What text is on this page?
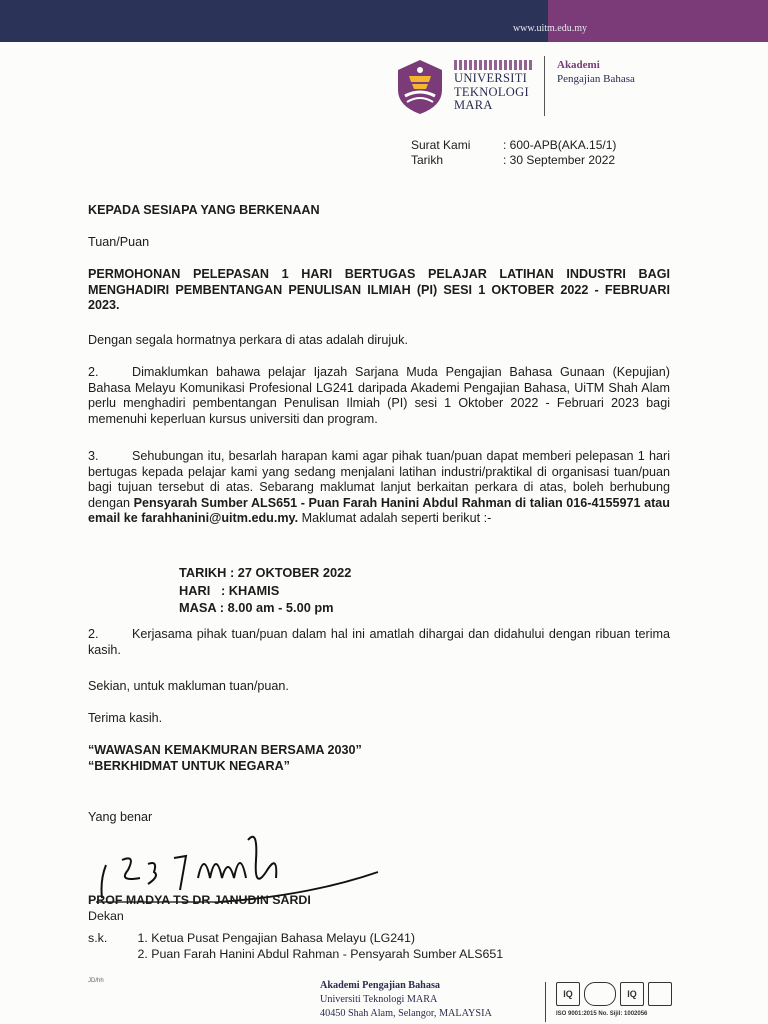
www.uitm.edu.my
UNIVERSITI
TEKNOLOGI
MARA
Akademi
Pengajian Bahasa
Surat Kami	: 600-APB(AKA.15/1)
Tarikh	: 30 September 2022
KEPADA SESIAPA YANG BERKENAAN
Tuan/Puan
PERMOHONAN PELEPASAN 1 HARI BERTUGAS PELAJAR LATIHAN INDUSTRI BAGI MENGHADIRI PEMBENTANGAN PENULISAN ILMIAH (PI) SESI 1 OKTOBER 2022 - FEBRUARI 2023.
Dengan segala hormatnya perkara di atas adalah dirujuk.
2.	Dimaklumkan bahawa pelajar Ijazah Sarjana Muda Pengajian Bahasa Gunaan (Kepujian) Bahasa Melayu Komunikasi Profesional LG241 daripada Akademi Pengajian Bahasa, UiTM Shah Alam perlu menghadiri pembentangan Penulisan Ilmiah (PI) sesi 1 Oktober 2022 - Februari 2023 bagi memenuhi keperluan kursus universiti dan program.
3.	Sehubungan itu, besarlah harapan kami agar pihak tuan/puan dapat memberi pelepasan 1 hari bertugas kepada pelajar kami yang sedang menjalani latihan industri/praktikal di organisasi tuan/puan bagi tujuan tersebut di atas. Sebarang maklumat lanjut berkaitan perkara di atas, boleh berhubung dengan Pensyarah Sumber ALS651 - Puan Farah Hanini Abdul Rahman di talian 016-4155971 atau email ke farahhanini@uitm.edu.my. Maklumat adalah seperti berikut :-
TARIKH : 27 OKTOBER 2022
HARI   : KHAMIS
MASA : 8.00 am - 5.00 pm
2.	Kerjasama pihak tuan/puan dalam hal ini amatlah dihargai dan didahului dengan ribuan terima kasih.
Sekian, untuk makluman tuan/puan.
Terima kasih.
“WAWASAN KEMAKMURAN BERSAMA 2030”
“BERKHIDMAT UNTUK NEGARA”
Yang benar
PROF MADYA TS DR JANUDIN SARDI
Dekan
s.k. 1. Ketua Pusat Pengajian Bahasa Melayu (LG241)
2. Puan Farah Hanini Abdul Rahman - Pensyarah Sumber ALS651
JD/hh	Akademi Pengajian Bahasa
Universiti Teknologi MARA
40450 Shah Alam, Selangor, MALAYSIA
IQ	IQ
ISO 9001:2015 No. Sijil: 1002056
